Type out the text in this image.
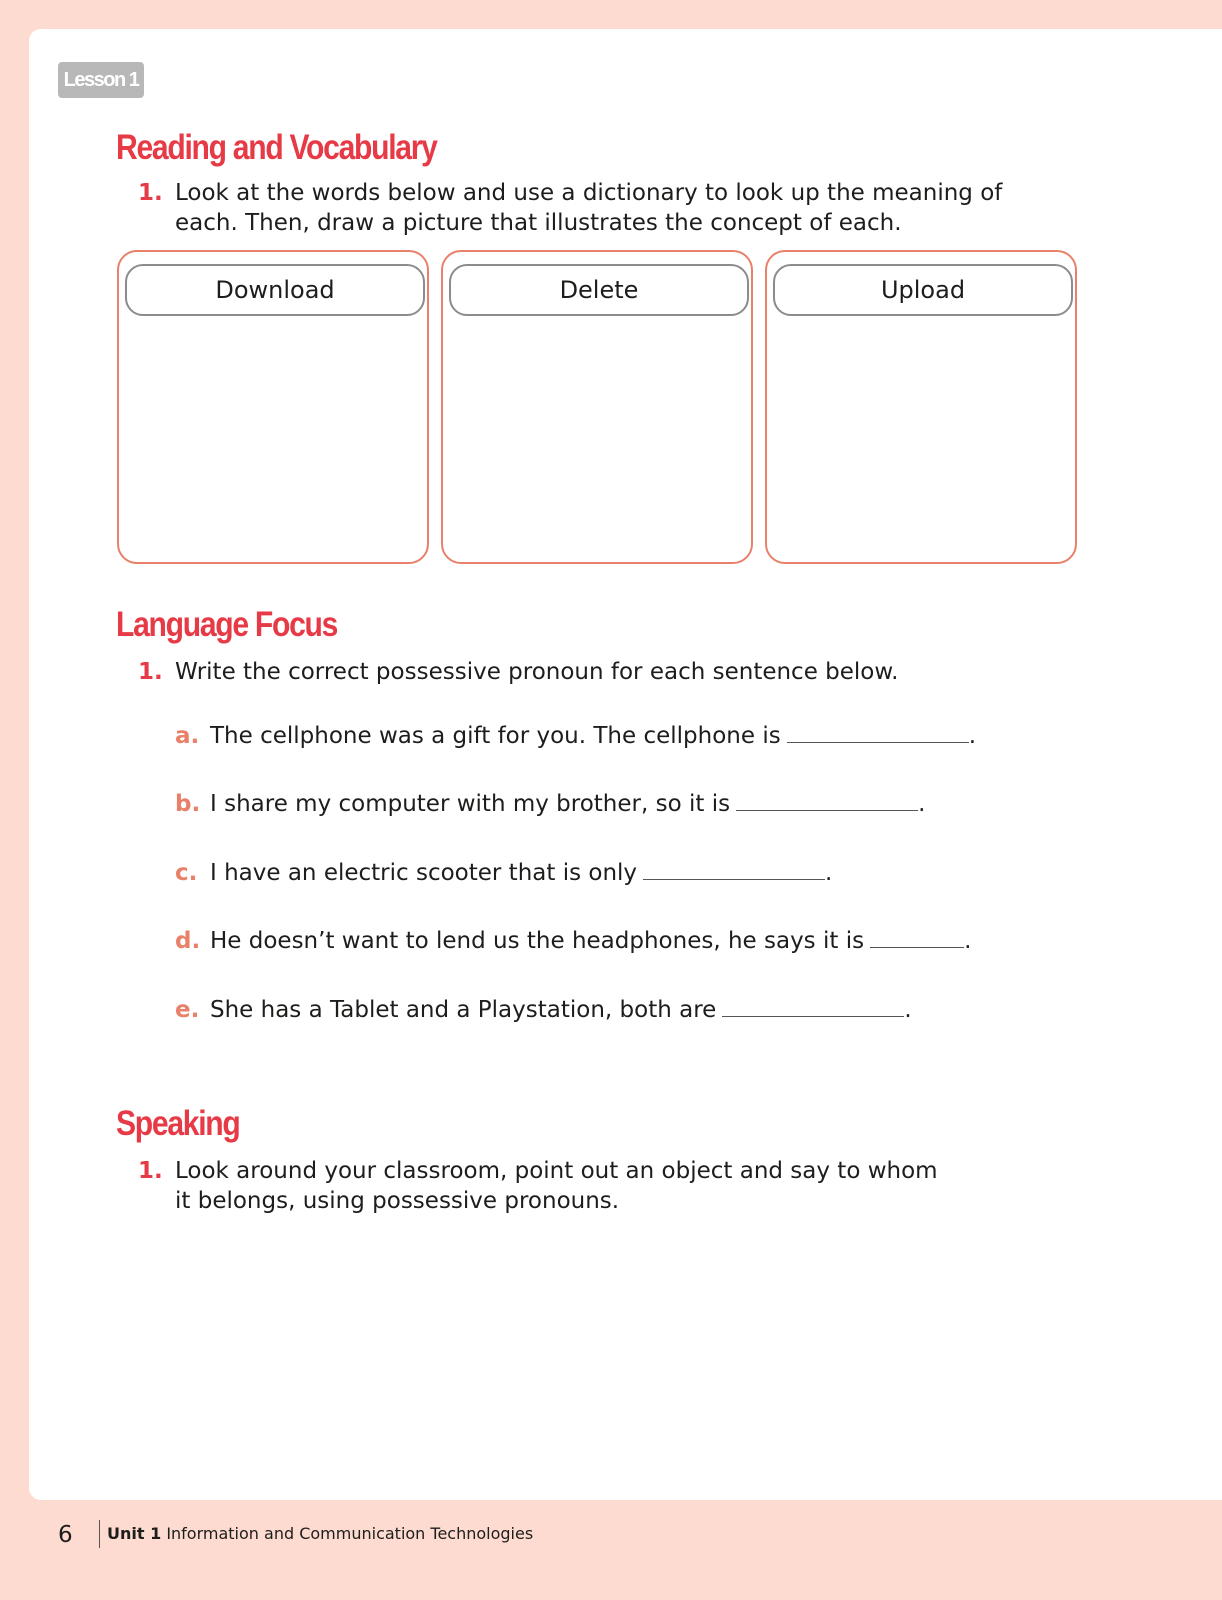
Lesson 1
Reading and Vocabulary
1. Look at the words below and use a dictionary to look up the meaning of each. Then, draw a picture that illustrates the concept of each.
Download	Delete	Upload
Language Focus
1. Write the correct possessive pronoun for each sentence below.
a. The cellphone was a gift for you. The cellphone is	.
b. I share my computer with my brother, so it is	.
c. I have an electric scooter that is only	.
d. He doesn’t want to lend us the headphones, he says it is	.
e. She has a Tablet and a Playstation, both are	.
Speaking
1. Look around your classroom, point out an object and say to whom it belongs, using possessive pronouns.
6 Unit 1 Information and Communication Technologies
